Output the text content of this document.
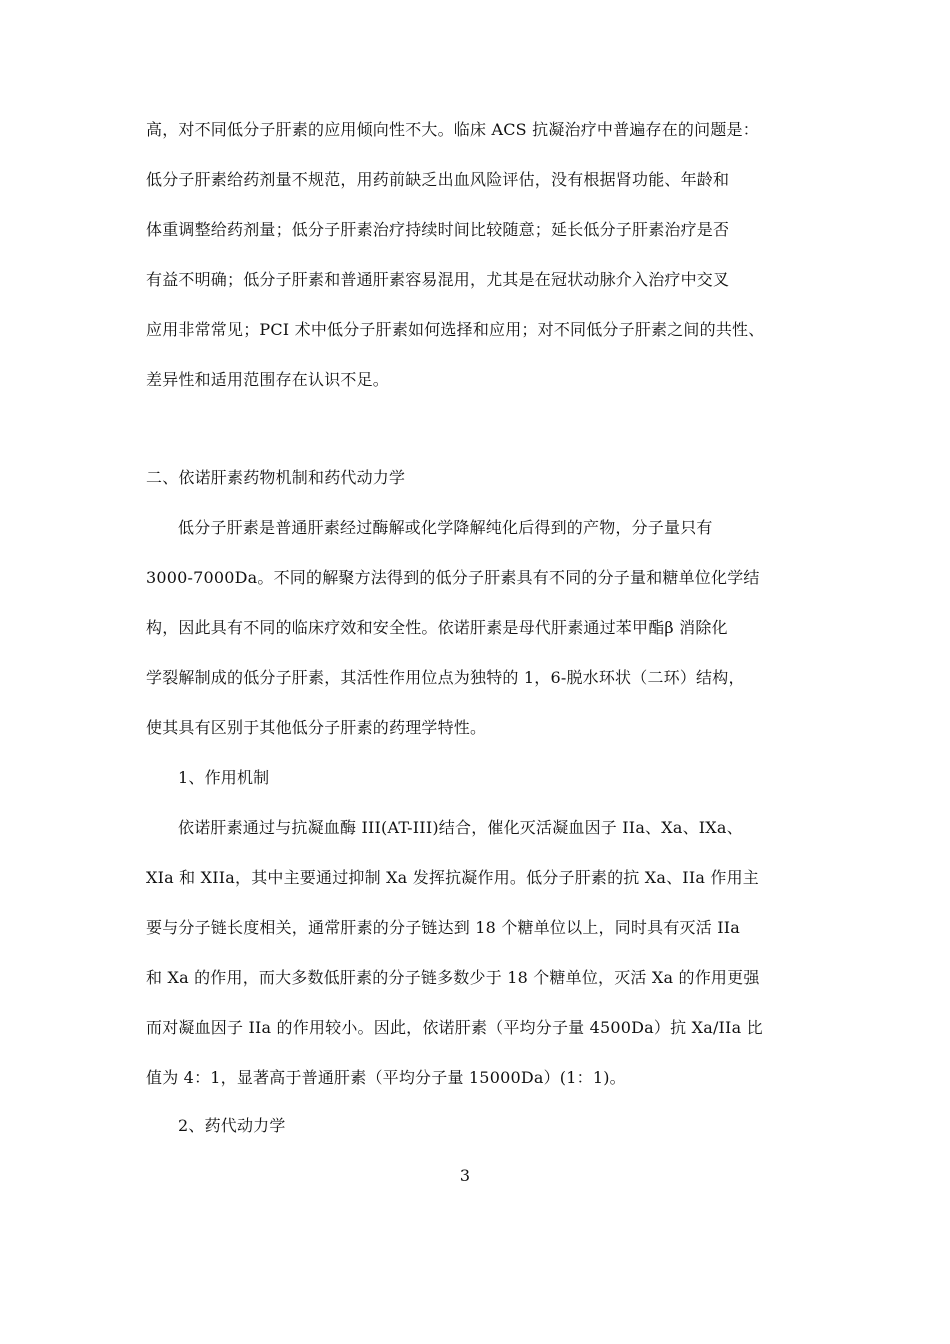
高，对不同低分子肝素的应用倾向性不大。临床 ACS 抗凝治疗中普遍存在的问题是：
低分子肝素给药剂量不规范，用药前缺乏出血风险评估，没有根据肾功能、年龄和
体重调整给药剂量；低分子肝素治疗持续时间比较随意；延长低分子肝素治疗是否
有益不明确；低分子肝素和普通肝素容易混用，尤其是在冠状动脉介入治疗中交叉
应用非常常见；PCI 术中低分子肝素如何选择和应用；对不同低分子肝素之间的共性、
差异性和适用范围存在认识不足。
二、依诺肝素药物机制和药代动力学
低分子肝素是普通肝素经过酶解或化学降解纯化后得到的产物，分子量只有
3000-7000Da。不同的解聚方法得到的低分子肝素具有不同的分子量和糖单位化学结
构，因此具有不同的临床疗效和安全性。依诺肝素是母代肝素通过苯甲酯β 消除化
学裂解制成的低分子肝素，其活性作用位点为独特的 1，6-脱水环状（二环）结构，
使其具有区别于其他低分子肝素的药理学特性。
1、作用机制
依诺肝素通过与抗凝血酶 III(AT-III)结合，催化灭活凝血因子 IIa、Xa、IXa、
XIa 和 XIIa，其中主要通过抑制 Xa 发挥抗凝作用。低分子肝素的抗 Xa、IIa 作用主
要与分子链长度相关，通常肝素的分子链达到 18 个糖单位以上，同时具有灭活 IIa
和 Xa 的作用，而大多数低肝素的分子链多数少于 18 个糖单位，灭活 Xa 的作用更强
而对凝血因子 IIa 的作用较小。因此，依诺肝素（平均分子量 4500Da）抗 Xa/IIa 比
值为 4：1，显著高于普通肝素（平均分子量 15000Da）(1：1)。
2、药代动力学
3
